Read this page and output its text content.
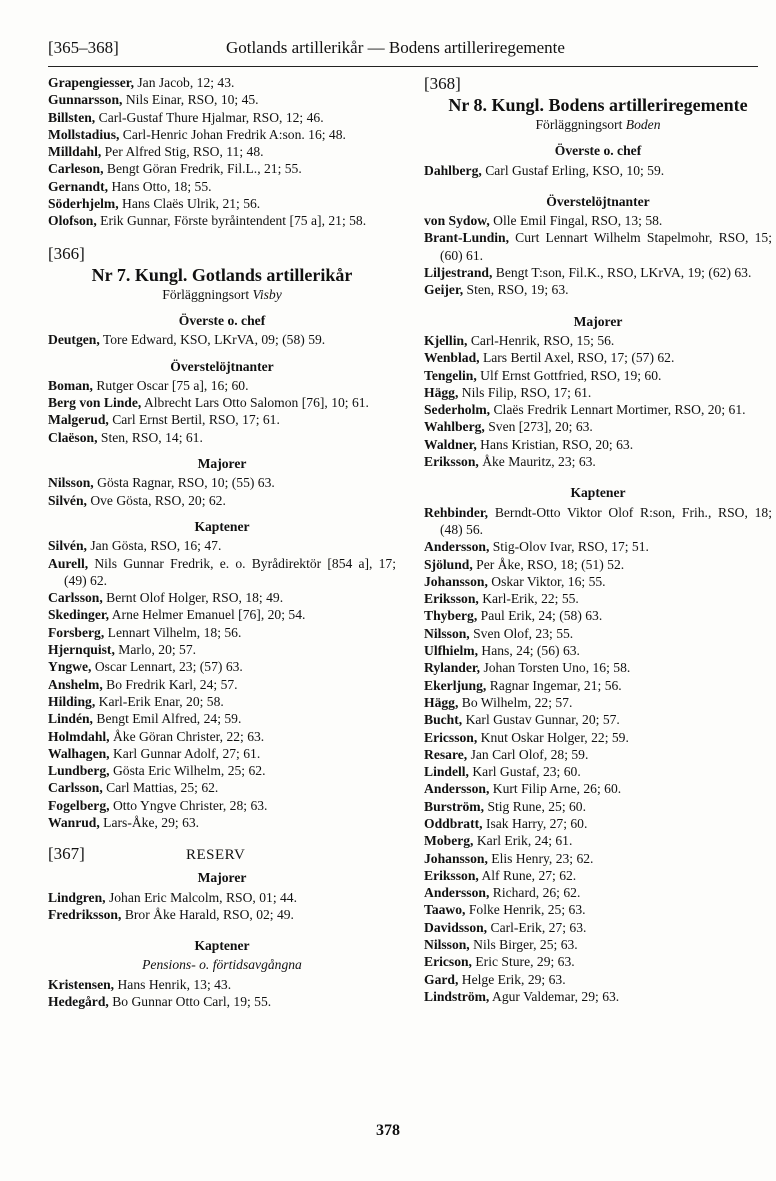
[365–368]	Gotlands artillerikår — Bodens artilleriregemente
Grapengiesser, Jan Jacob, 12; 43.
Gunnarsson, Nils Einar, RSO, 10; 45.
Billsten, Carl-Gustaf Thure Hjalmar, RSO, 12; 46.
Mollstadius, Carl-Henric Johan Fredrik A:son. 16; 48.
Milldahl, Per Alfred Stig, RSO, 11; 48.
Carleson, Bengt Göran Fredrik, Fil.L., 21; 55.
Gernandt, Hans Otto, 18; 55.
Söderhjelm, Hans Claës Ulrik, 21; 56.
Olofson, Erik Gunnar, Förste byråintendent [75 a], 21; 58.
[366]
Nr 7. Kungl. Gotlands artillerikår
Förläggningsort Visby
Överste o. chef
Deutgen, Tore Edward, KSO, LKrVA, 09; (58) 59.
Överstelöjtnanter
Boman, Rutger Oscar [75 a], 16; 60.
Berg von Linde, Albrecht Lars Otto Salomon [76], 10; 61.
Malgerud, Carl Ernst Bertil, RSO, 17; 61.
Claëson, Sten, RSO, 14; 61.
Majorer
Nilsson, Gösta Ragnar, RSO, 10; (55) 63.
Silvén, Ove Gösta, RSO, 20; 62.
Kaptener
Silvén, Jan Gösta, RSO, 16; 47.
Aurell, Nils Gunnar Fredrik, e. o. Byrådirektör [854 a], 17; (49) 62.
Carlsson, Bernt Olof Holger, RSO, 18; 49.
Skedinger, Arne Helmer Emanuel [76], 20; 54.
Forsberg, Lennart Vilhelm, 18; 56.
Hjernquist, Marlo, 20; 57.
Yngwe, Oscar Lennart, 23; (57) 63.
Anshelm, Bo Fredrik Karl, 24; 57.
Hilding, Karl-Erik Enar, 20; 58.
Lindén, Bengt Emil Alfred, 24; 59.
Holmdahl, Åke Göran Christer, 22; 63.
Walhagen, Karl Gunnar Adolf, 27; 61.
Lundberg, Gösta Eric Wilhelm, 25; 62.
Carlsson, Carl Mattias, 25; 62.
Fogelberg, Otto Yngve Christer, 28; 63.
Wanrud, Lars-Åke, 29; 63.
[367]	RESERV
Majorer
Lindgren, Johan Eric Malcolm, RSO, 01; 44.
Fredriksson, Bror Åke Harald, RSO, 02; 49.
Kaptener
Pensions- o. förtidsavgångna
Kristensen, Hans Henrik, 13; 43.
Hedegård, Bo Gunnar Otto Carl, 19; 55.
[368]
Nr 8. Kungl. Bodens artilleriregemente
Förläggningsort Boden
Överste o. chef
Dahlberg, Carl Gustaf Erling, KSO, 10; 59.
Överstelöjtnanter
von Sydow, Olle Emil Fingal, RSO, 13; 58.
Brant-Lundin, Curt Lennart Wilhelm Stapelmohr, RSO, 15; (60) 61.
Liljestrand, Bengt T:son, Fil.K., RSO, LKrVA, 19; (62) 63.
Geijer, Sten, RSO, 19; 63.
Majorer
Kjellin, Carl-Henrik, RSO, 15; 56.
Wenblad, Lars Bertil Axel, RSO, 17; (57) 62.
Tengelin, Ulf Ernst Gottfried, RSO, 19; 60.
Hägg, Nils Filip, RSO, 17; 61.
Sederholm, Claës Fredrik Lennart Mortimer, RSO, 20; 61.
Wahlberg, Sven [273], 20; 63.
Waldner, Hans Kristian, RSO, 20; 63.
Eriksson, Åke Mauritz, 23; 63.
Kaptener
Rehbinder, Berndt-Otto Viktor Olof R:son, Frih., RSO, 18; (48) 56.
Andersson, Stig-Olov Ivar, RSO, 17; 51.
Sjölund, Per Åke, RSO, 18; (51) 52.
Johansson, Oskar Viktor, 16; 55.
Eriksson, Karl-Erik, 22; 55.
Thyberg, Paul Erik, 24; (58) 63.
Nilsson, Sven Olof, 23; 55.
Ulfhielm, Hans, 24; (56) 63.
Rylander, Johan Torsten Uno, 16; 58.
Ekerljung, Ragnar Ingemar, 21; 56.
Hägg, Bo Wilhelm, 22; 57.
Bucht, Karl Gustav Gunnar, 20; 57.
Ericsson, Knut Oskar Holger, 22; 59.
Resare, Jan Carl Olof, 28; 59.
Lindell, Karl Gustaf, 23; 60.
Andersson, Kurt Filip Arne, 26; 60.
Burström, Stig Rune, 25; 60.
Oddbratt, Isak Harry, 27; 60.
Moberg, Karl Erik, 24; 61.
Johansson, Elis Henry, 23; 62.
Eriksson, Alf Rune, 27; 62.
Andersson, Richard, 26; 62.
Taawo, Folke Henrik, 25; 63.
Davidsson, Carl-Erik, 27; 63.
Nilsson, Nils Birger, 25; 63.
Ericson, Eric Sture, 29; 63.
Gard, Helge Erik, 29; 63.
Lindström, Agur Valdemar, 29; 63.
378
